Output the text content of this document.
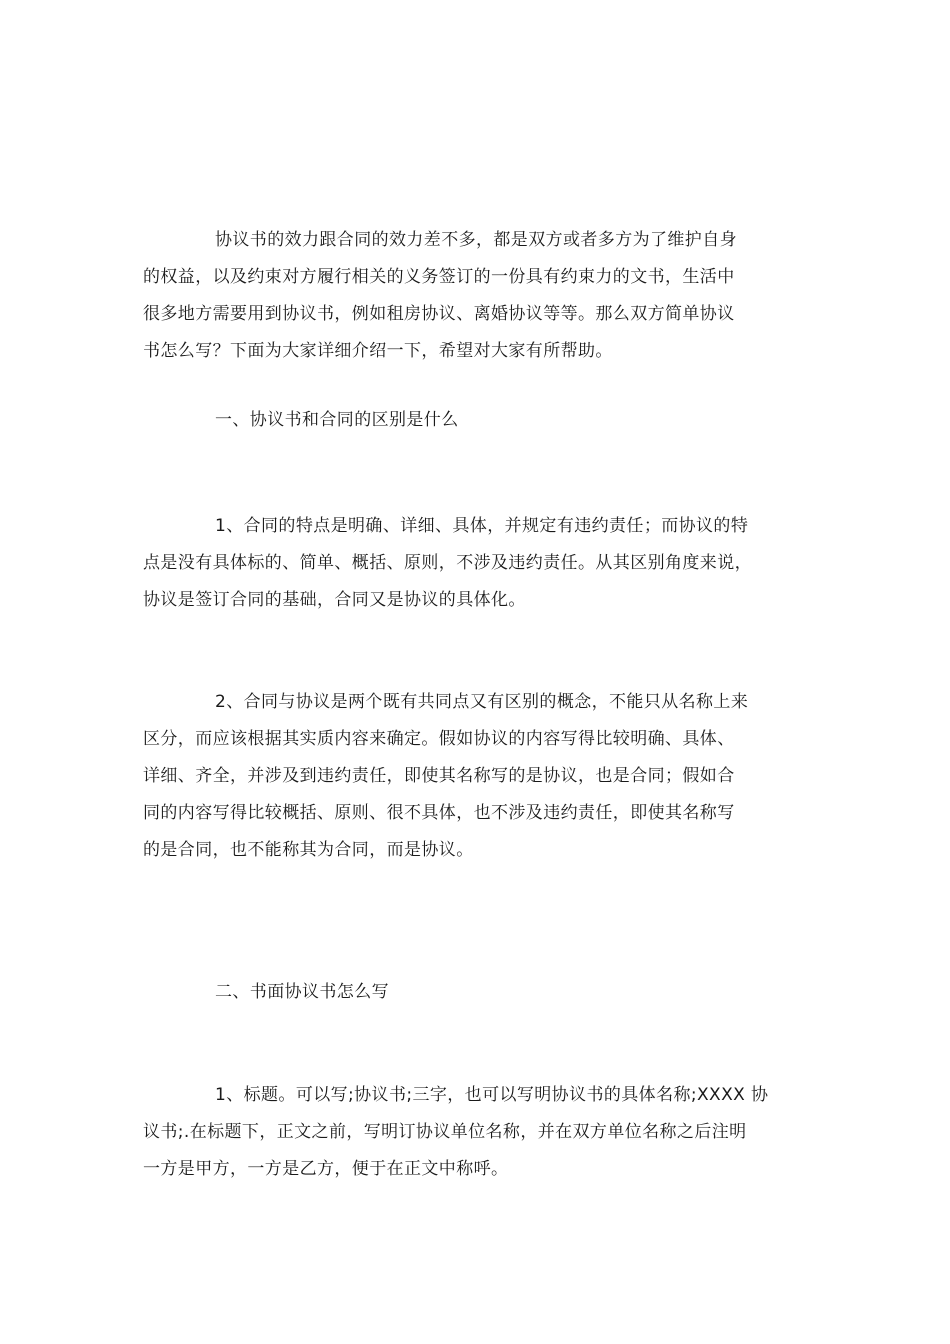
协议书的效力跟合同的效力差不多，都是双方或者多方为了维护自身
的权益，以及约束对方履行相关的义务签订的一份具有约束力的文书，生活中
很多地方需要用到协议书，例如租房协议、离婚协议等等。那么双方简单协议
书怎么写？下面为大家详细介绍一下，希望对大家有所帮助。
一、协议书和合同的区别是什么
1、合同的特点是明确、详细、具体，并规定有违约责任；而协议的特
点是没有具体标的、简单、概括、原则，不涉及违约责任。从其区别角度来说，
协议是签订合同的基础，合同又是协议的具体化。
2、合同与协议是两个既有共同点又有区别的概念，不能只从名称上来
区分，而应该根据其实质内容来确定。假如协议的内容写得比较明确、具体、
详细、齐全，并涉及到违约责任，即使其名称写的是协议，也是合同；假如合
同的内容写得比较概括、原则、很不具体，也不涉及违约责任，即使其名称写
的是合同，也不能称其为合同，而是协议。
二、书面协议书怎么写
1、标题。可以写;协议书;三字，也可以写明协议书的具体名称;XXXX 协
议书;.在标题下，正文之前，写明订协议单位名称，并在双方单位名称之后注明
一方是甲方，一方是乙方，便于在正文中称呼。
